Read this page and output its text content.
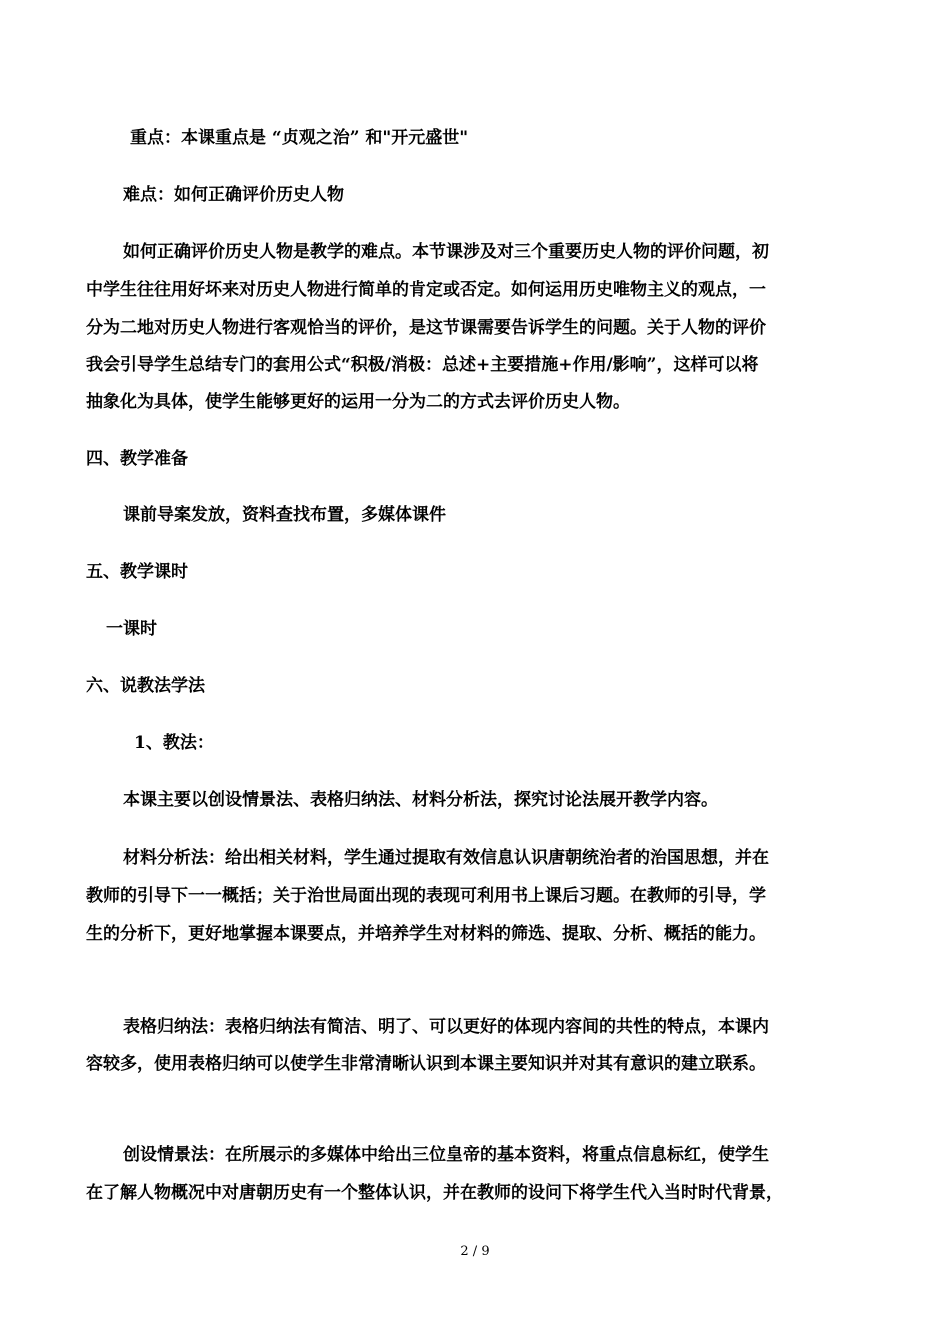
重点：本课重点是 “贞观之治” 和"开元盛世"
难点：如何正确评价历史人物
如何正确评价历史人物是教学的难点。本节课涉及对三个重要历史人物的评价问题，初
中学生往往用好坏来对历史人物进行简单的肯定或否定。如何运用历史唯物主义的观点，一
分为二地对历史人物进行客观恰当的评价，是这节课需要告诉学生的问题。关于人物的评价
我会引导学生总结专门的套用公式“积极/消极：总述+主要措施+作用/影响”，这样可以将
抽象化为具体，使学生能够更好的运用一分为二的方式去评价历史人物。
四、教学准备
课前导案发放，资料查找布置，多媒体课件
五、教学课时
一课时
六、说教法学法
1、教法：
本课主要以创设情景法、表格归纳法、材料分析法，探究讨论法展开教学内容。
材料分析法：给出相关材料，学生通过提取有效信息认识唐朝统治者的治国思想，并在
教师的引导下一一概括；关于治世局面出现的表现可利用书上课后习题。在教师的引导，学
生的分析下，更好地掌握本课要点，并培养学生对材料的筛选、提取、分析、概括的能力。
表格归纳法：表格归纳法有简洁、明了、可以更好的体现内容间的共性的特点，本课内
容较多，使用表格归纳可以使学生非常清晰认识到本课主要知识并对其有意识的建立联系。
创设情景法：在所展示的多媒体中给出三位皇帝的基本资料，将重点信息标红，使学生
在了解人物概况中对唐朝历史有一个整体认识，并在教师的设问下将学生代入当时时代背景，
2 / 9
